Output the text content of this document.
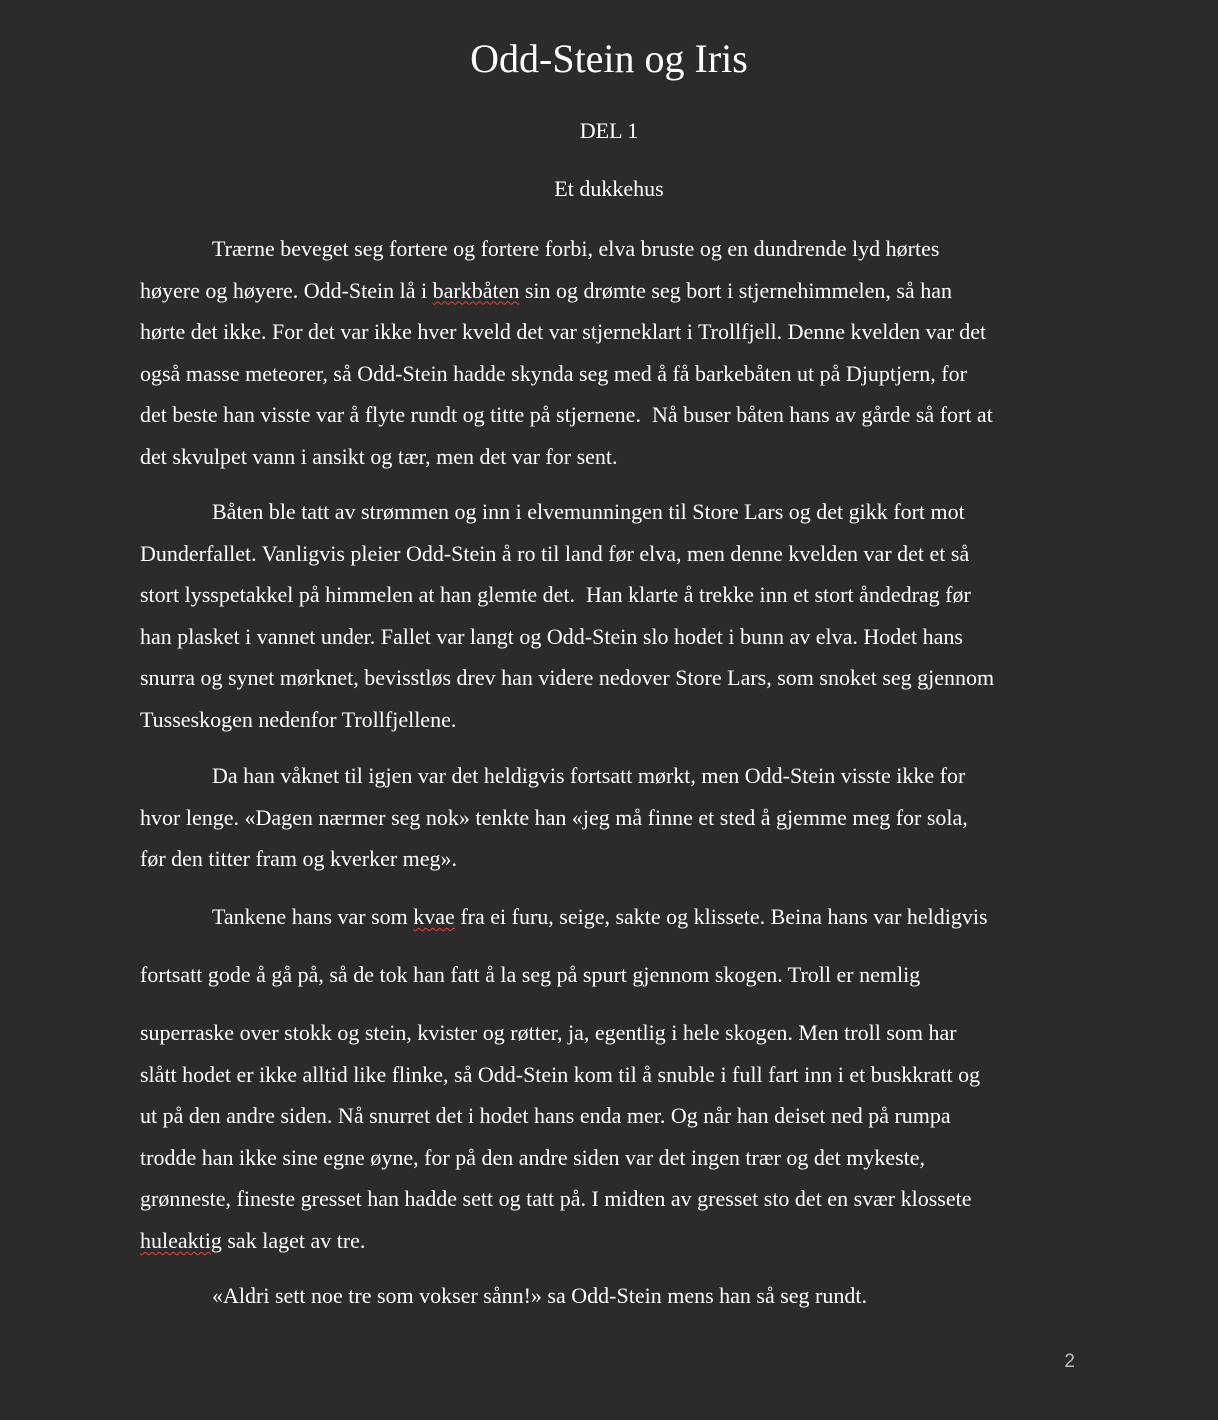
Odd-Stein og Iris

DEL 1

Et dukkehus

Trærne beveget seg fortere og fortere forbi, elva bruste og en dundrende lyd hørtes
høyere og høyere. Odd-Stein lå i barkbåten sin og drømte seg bort i stjernehimmelen, så han
hørte det ikke. For det var ikke hver kveld det var stjerneklart i Trollfjell. Denne kvelden var det
også masse meteorer, så Odd-Stein hadde skynda seg med å få barkebåten ut på Djuptjern, for
det beste han visste var å flyte rundt og titte på stjernene.  Nå buser båten hans av gårde så fort at
det skvulpet vann i ansikt og tær, men det var for sent.

Båten ble tatt av strømmen og inn i elvemunningen til Store Lars og det gikk fort mot
Dunderfallet. Vanligvis pleier Odd-Stein å ro til land før elva, men denne kvelden var det et så
stort lysspetakkel på himmelen at han glemte det.  Han klarte å trekke inn et stort åndedrag før
han plasket i vannet under. Fallet var langt og Odd-Stein slo hodet i bunn av elva. Hodet hans
snurra og synet mørknet, bevisstløs drev han videre nedover Store Lars, som snoket seg gjennom
Tusseskogen nedenfor Trollfjellene.

Da han våknet til igjen var det heldigvis fortsatt mørkt, men Odd-Stein visste ikke for
hvor lenge. «Dagen nærmer seg nok» tenkte han «jeg må finne et sted å gjemme meg for sola,
før den titter fram og kverker meg».

Tankene hans var som kvae fra ei furu, seige, sakte og klissete. Beina hans var heldigvis
fortsatt gode å gå på, så de tok han fatt å la seg på spurt gjennom skogen. Troll er nemlig
superraske over stokk og stein, kvister og røtter, ja, egentlig i hele skogen. Men troll som har
slått hodet er ikke alltid like flinke, så Odd-Stein kom til å snuble i full fart inn i et buskkratt og
ut på den andre siden. Nå snurret det i hodet hans enda mer. Og når han deiset ned på rumpa
trodde han ikke sine egne øyne, for på den andre siden var det ingen trær og det mykeste,
grønneste, fineste gresset han hadde sett og tatt på. I midten av gresset sto det en svær klossete
huleaktig sak laget av tre.

«Aldri sett noe tre som vokser sånn!» sa Odd-Stein mens han så seg rundt.

2
